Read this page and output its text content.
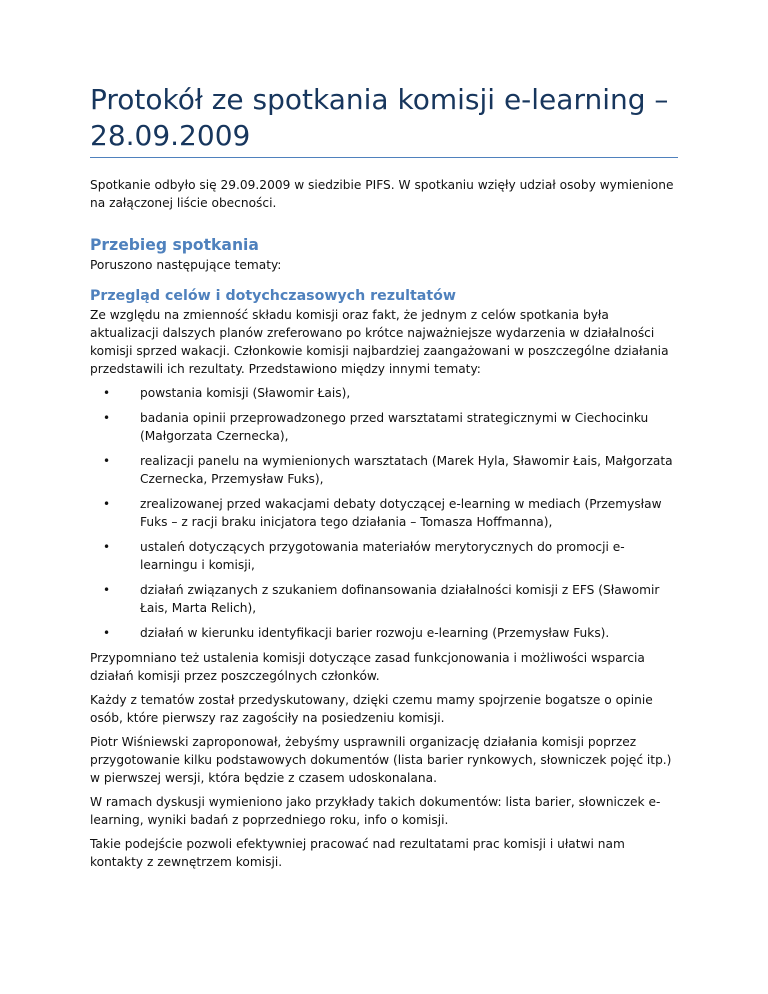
Protokół ze spotkania komisji e-learning – 28.09.2009

Spotkanie odbyło się 29.09.2009 w siedzibie PIFS. W spotkaniu wzięły udział osoby wymienione na załączonej liście obecności.

Przebieg spotkania

Poruszono następujące tematy:

Przegląd celów i dotychczasowych rezultatów

Ze względu na zmienność składu komisji oraz fakt, że jednym z celów spotkania była aktualizacji dalszych planów zreferowano po krótce najważniejsze wydarzenia w działalności komisji sprzed wakacji. Członkowie komisji najbardziej zaangażowani w poszczególne działania przedstawili ich rezultaty. Przedstawiono między innymi tematy:

• powstania komisji (Sławomir Łais),
• badania opinii przeprowadzonego przed warsztatami strategicznymi w Ciechocinku (Małgorzata Czernecka),
• realizacji panelu na wymienionych warsztatach (Marek Hyla, Sławomir Łais, Małgorzata Czernecka, Przemysław Fuks),
• zrealizowanej przed wakacjami debaty dotyczącej e-learning w mediach (Przemysław Fuks – z racji braku inicjatora tego działania – Tomasza Hoffmanna),
• ustaleń dotyczących przygotowania materiałów merytorycznych do promocji e-learningu i komisji,
• działań związanych z szukaniem dofinansowania działalności komisji z EFS (Sławomir Łais, Marta Relich),
• działań w kierunku identyfikacji barier rozwoju e-learning (Przemysław Fuks).

Przypomniano też ustalenia komisji dotyczące zasad funkcjonowania i możliwości wsparcia działań komisji przez poszczególnych członków.

Każdy z tematów został przedyskutowany, dzięki czemu mamy spojrzenie bogatsze o opinie osób, które pierwszy raz zagościły na posiedzeniu komisji.

Piotr Wiśniewski zaproponował, żebyśmy usprawnili organizację działania komisji poprzez przygotowanie kilku podstawowych dokumentów (lista barier rynkowych, słowniczek pojęć itp.) w pierwszej wersji, która będzie z czasem udoskonalana.

W ramach dyskusji wymieniono jako przykłady takich dokumentów: lista barier, słowniczek e-learning, wyniki badań z poprzedniego roku, info o komisji.

Takie podejście pozwoli efektywniej pracować nad rezultatami prac komisji i ułatwi nam kontakty z zewnętrzem komisji.
